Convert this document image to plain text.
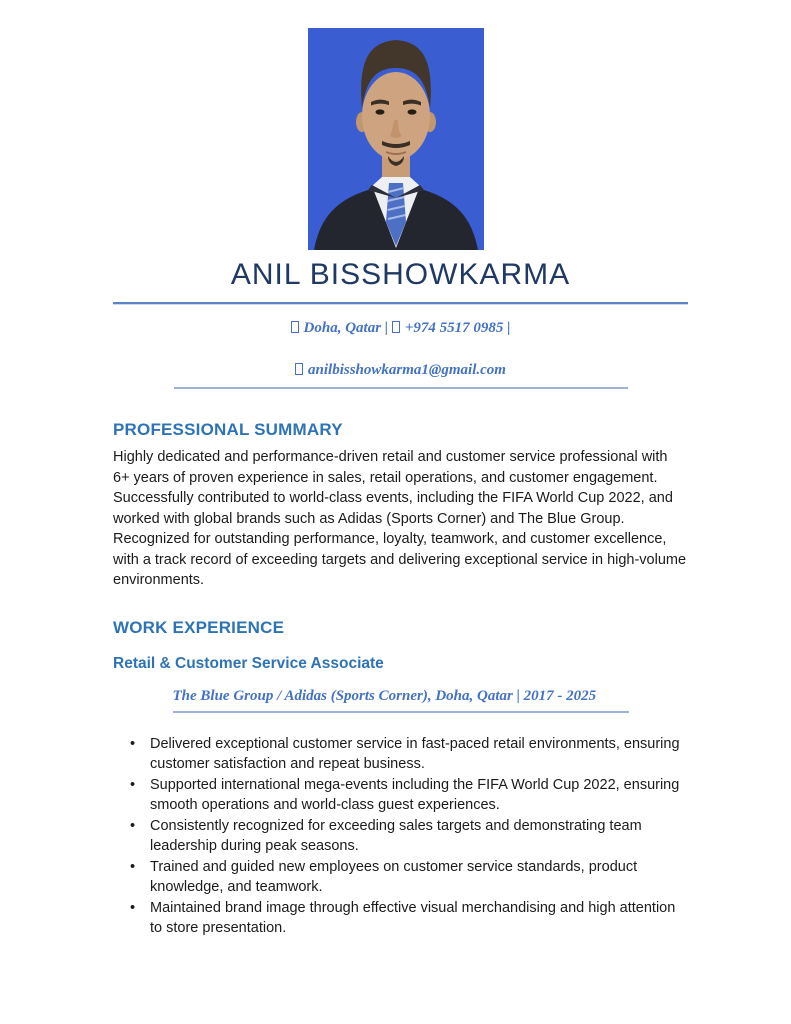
ANIL BISSHOWKARMA

Doha, Qatar | +974 5517 0985 |

anilbisshowkarma1@gmail.com

PROFESSIONAL SUMMARY

Highly dedicated and performance-driven retail and customer service professional with 6+ years of proven experience in sales, retail operations, and customer engagement. Successfully contributed to world-class events, including the FIFA World Cup 2022, and worked with global brands such as Adidas (Sports Corner) and The Blue Group. Recognized for outstanding performance, loyalty, teamwork, and customer excellence, with a track record of exceeding targets and delivering exceptional service in high-volume environments.

WORK EXPERIENCE
Retail & Customer Service Associate
The Blue Group / Adidas (Sports Corner), Doha, Qatar | 2017 - 2025
• Delivered exceptional customer service in fast-paced retail environments, ensuring customer satisfaction and repeat business.
• Supported international mega-events including the FIFA World Cup 2022, ensuring smooth operations and world-class guest experiences.
• Consistently recognized for exceeding sales targets and demonstrating team leadership during peak seasons.
• Trained and guided new employees on customer service standards, product knowledge, and teamwork.
• Maintained brand image through effective visual merchandising and high attention to store presentation.
